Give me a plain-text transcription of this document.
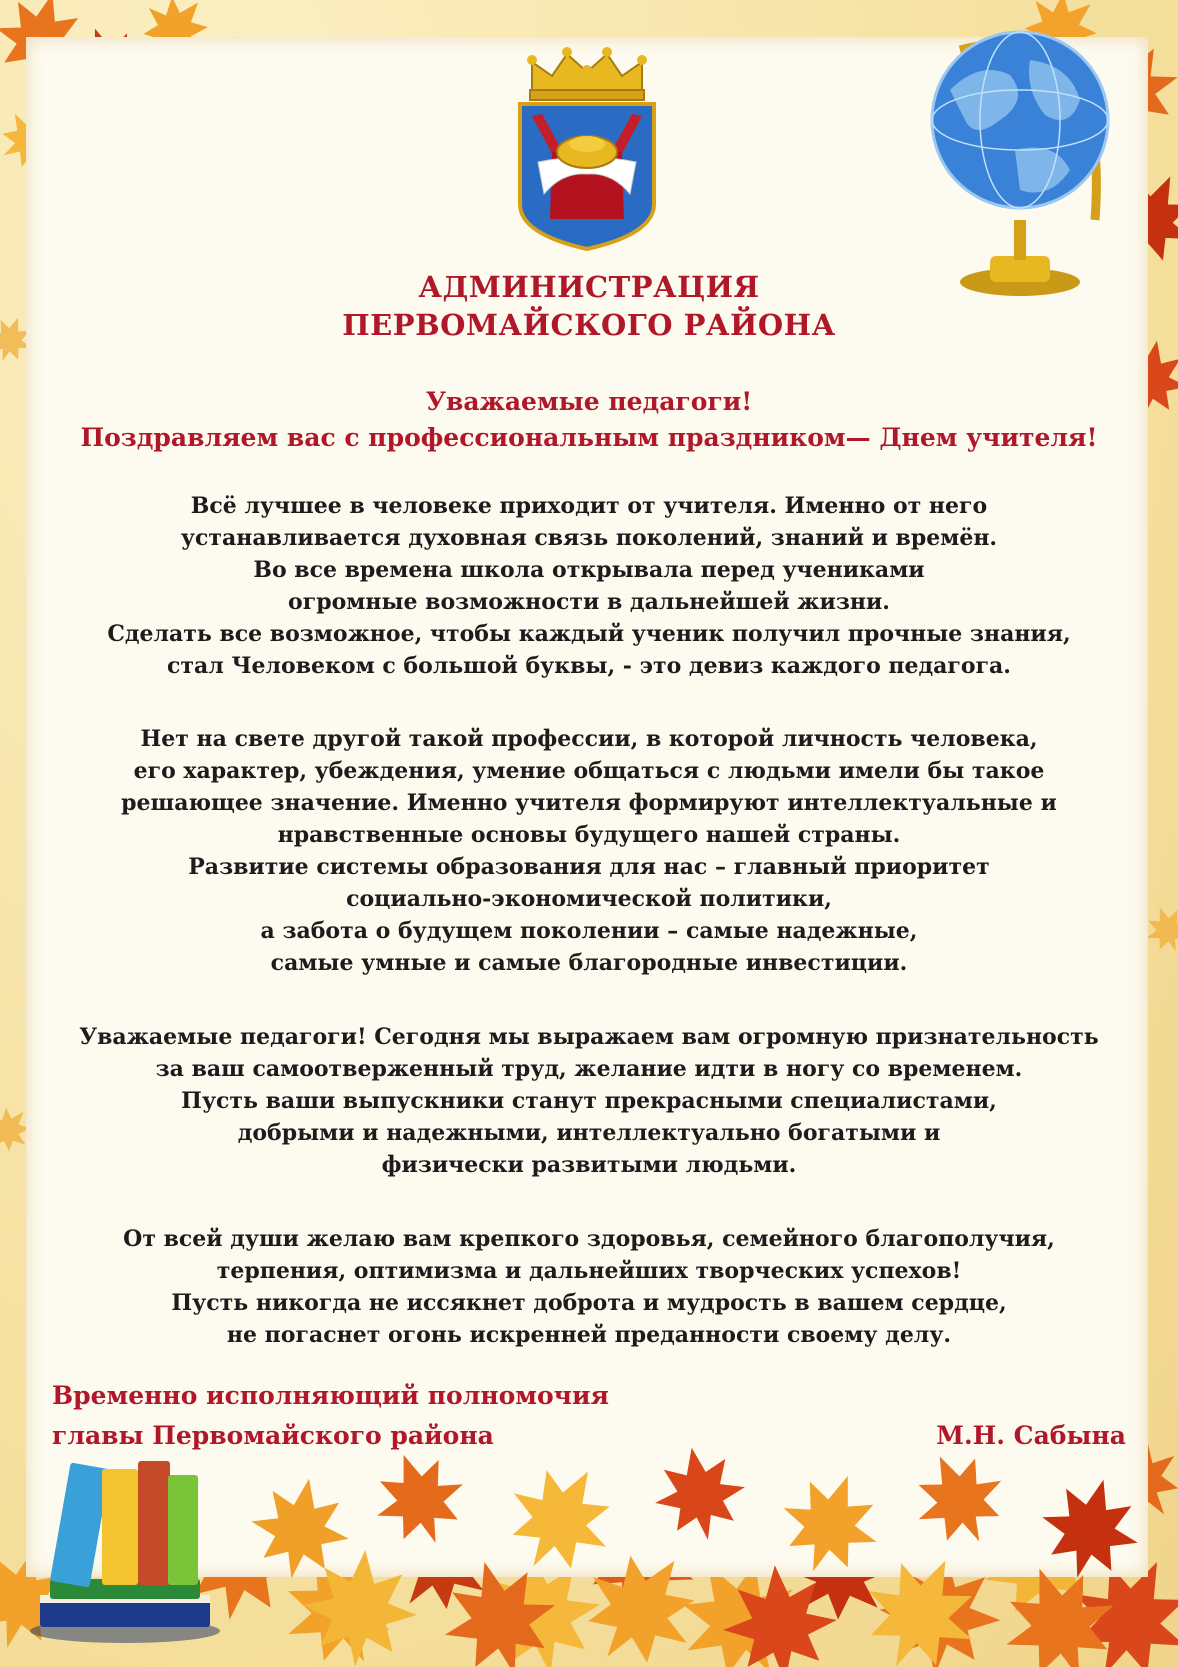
АДМИНИСТРАЦИЯ
ПЕРВОМАЙСКОГО РАЙОНА
Уважаемые педагоги!
Поздравляем вас с профессиональным праздником— Днем учителя!
Всё лучшее в человеке приходит от учителя. Именно от него
устанавливается духовная связь поколений, знаний и времён.
Во все времена школа открывала перед учениками
огромные возможности в дальнейшей жизни.
Сделать все возможное, чтобы каждый ученик получил прочные знания,
стал Человеком с большой буквы, - это девиз каждого педагога.
Нет на свете другой такой профессии, в которой личность человека,
его характер, убеждения, умение общаться с людьми имели бы такое
решающее значение. Именно учителя формируют интеллектуальные и
нравственные основы будущего нашей страны.
Развитие системы образования для нас – главный приоритет
социально-экономической политики,
а забота о будущем поколении – самые надежные,
самые умные и самые благородные инвестиции.
Уважаемые педагоги! Сегодня мы выражаем вам огромную признательность
за ваш самоотверженный труд, желание идти в ногу со временем.
Пусть ваши выпускники станут прекрасными специалистами,
добрыми и надежными, интеллектуально богатыми и
физически развитыми людьми.
От всей души желаю вам крепкого здоровья, семейного благополучия,
терпения, оптимизма и дальнейших творческих успехов!
Пусть никогда не иссякнет доброта и мудрость в вашем сердце,
не погаснет огонь искренней преданности своему делу.
Временно исполняющий полномочия
главы Первомайского района	М.Н. Сабына
